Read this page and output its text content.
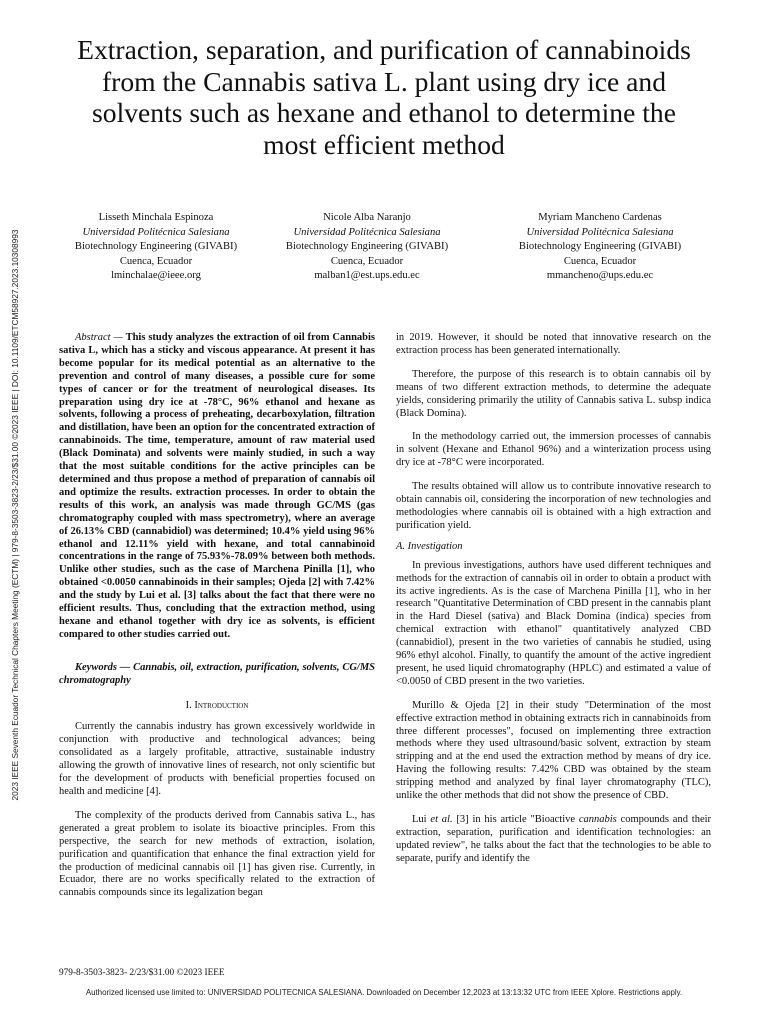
2023 IEEE Seventh Ecuador Technical Chapters Meeting (ECTM) | 979-8-3503-3823-2/23/$31.00 ©2023 IEEE | DOI: 10.1109/ETCM58927.2023.10308993
Extraction, separation, and purification of cannabinoids from the Cannabis sativa L. plant using dry ice and solvents such as hexane and ethanol to determine the most efficient method
Lisseth Minchala Espinoza
Universidad Politécnica Salesiana
Biotechnology Engineering (GIVABI)
Cuenca, Ecuador
lminchalae@ieee.org
Nicole Alba Naranjo
Universidad Politécnica Salesiana
Biotechnology Engineering (GIVABI)
Cuenca, Ecuador
malban1@est.ups.edu.ec
Myriam Mancheno Cardenas
Universidad Politécnica Salesiana
Biotechnology Engineering (GIVABI)
Cuenca, Ecuador
mmancheno@ups.edu.ec

Abstract — This study analyzes the extraction of oil from Cannabis sativa L, which has a sticky and viscous appearance. At present it has become popular for its medical potential as an alternative to the prevention and control of many diseases, a possible cure for some types of cancer or for the treatment of neurological diseases. Its preparation using dry ice at -78°C, 96% ethanol and hexane as solvents, following a process of preheating, decarboxylation, filtration and distillation, have been an option for the concentrated extraction of cannabinoids. The time, temperature, amount of raw material used (Black Dominata) and solvents were mainly studied, in such a way that the most suitable conditions for the active principles can be determined and thus propose a method of preparation of cannabis oil and optimize the results. extraction processes. In order to obtain the results of this work, an analysis was made through GC/MS (gas chromatography coupled with mass spectrometry), where an average of 26.13% CBD (cannabidiol) was determined; 10.4% yield using 96% ethanol and 12.11% yield with hexane, and total cannabinoid concentrations in the range of 75.93%-78.09% between both methods. Unlike other studies, such as the case of Marchena Pinilla [1], who obtained <0.0050 cannabinoids in their samples; Ojeda [2] with 7.42% and the study by Lui et al. [3] talks about the fact that there were no efficient results. Thus, concluding that the extraction method, using hexane and ethanol together with dry ice as solvents, is efficient compared to other studies carried out.

Keywords — Cannabis, oil, extraction, purification, solvents, CG/MS chromatography

I. Introduction

Currently the cannabis industry has grown excessively worldwide in conjunction with productive and technological advances; being consolidated as a largely profitable, attractive, sustainable industry allowing the growth of innovative lines of research, not only scientific but for the development of products with beneficial properties focused on health and medicine [4].

The complexity of the products derived from Cannabis sativa L., has generated a great problem to isolate its bioactive principles. From this perspective, the search for new methods of extraction, isolation, purification and quantification that enhance the final extraction yield for the production of medicinal cannabis oil [1] has given rise. Currently, in Ecuador, there are no works specifically related to the extraction of cannabis compounds since its legalization began

in 2019. However, it should be noted that innovative research on the extraction process has been generated internationally.

Therefore, the purpose of this research is to obtain cannabis oil by means of two different extraction methods, to determine the adequate yields, considering primarily the utility of Cannabis sativa L. subsp indica (Black Domina).

In the methodology carried out, the immersion processes of cannabis in solvent (Hexane and Ethanol 96%) and a winterization process using dry ice at -78°C were incorporated.

The results obtained will allow us to contribute innovative research to obtain cannabis oil, considering the incorporation of new technologies and methodologies where cannabis oil is obtained with a high extraction and purification yield.

A. Investigation

In previous investigations, authors have used different techniques and methods for the extraction of cannabis oil in order to obtain a product with its active ingredients. As is the case of Marchena Pinilla [1], who in her research "Quantitative Determination of CBD present in the cannabis plant in the Hard Diesel (sativa) and Black Domina (indica) species from chemical extraction with ethanol" quantitatively analyzed CBD (cannabidiol), present in the two varieties of cannabis he studied, using 96% ethyl alcohol. Finally, to quantify the amount of the active ingredient present, he used liquid chromatography (HPLC) and estimated a value of <0.0050 of CBD present in the two varieties.

Murillo & Ojeda [2] in their study "Determination of the most effective extraction method in obtaining extracts rich in cannabinoids from three different processes", focused on implementing three extraction methods where they used ultrasound/basic solvent, extraction by steam stripping and at the end used the extraction method by means of dry ice. Having the following results: 7.42% CBD was obtained by the steam stripping method and analyzed by final layer chromatography (TLC), unlike the other methods that did not show the presence of CBD.

Lui et al. [3] in his article "Bioactive cannabis compounds and their extraction, separation, purification and identification technologies: an updated review", he talks about the fact that the technologies to be able to separate, purify and identify the

979-8-3503-3823- 2/23/$31.00 ©2023 IEEE
Authorized licensed use limited to: UNIVERSIDAD POLITECNICA SALESIANA. Downloaded on December 12,2023 at 13:13:32 UTC from IEEE Xplore. Restrictions apply.
